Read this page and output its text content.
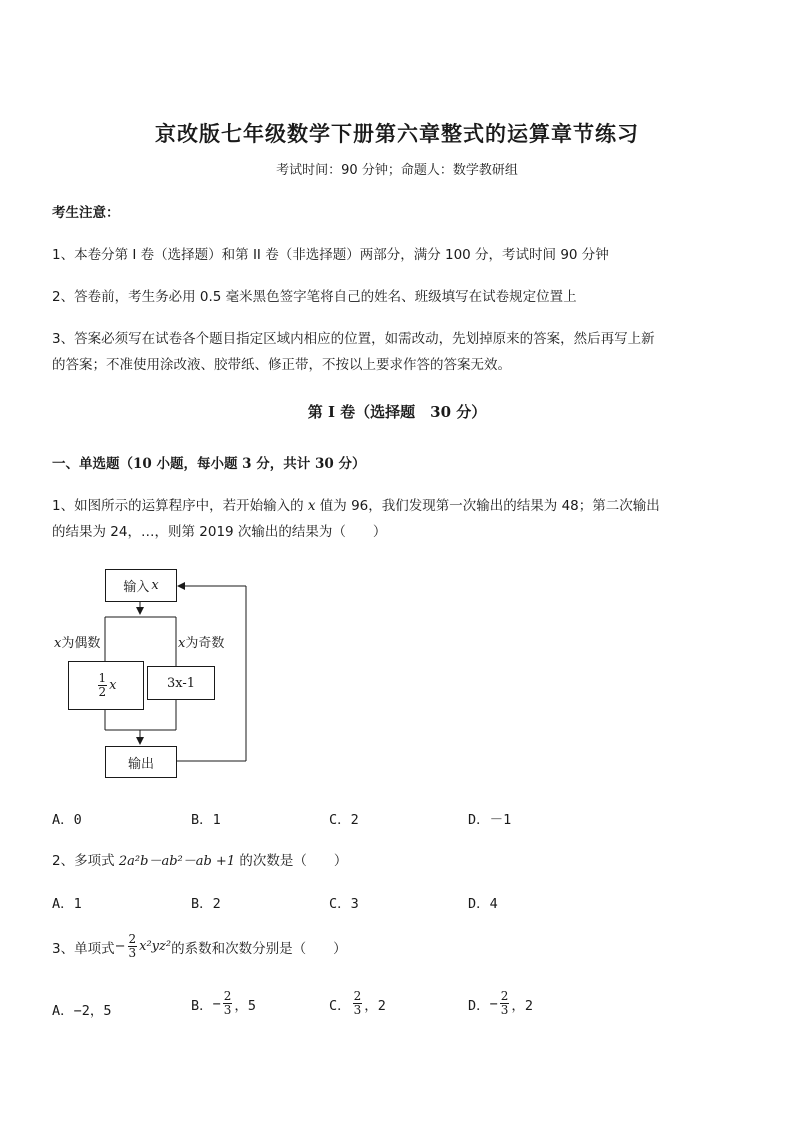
京改版七年级数学下册第六章整式的运算章节练习
考试时间：90 分钟；命题人：数学教研组
考生注意：
1、本卷分第 I 卷（选择题）和第 II 卷（非选择题）两部分，满分 100 分，考试时间 90 分钟
2、答卷前，考生务必用 0.5 毫米黑色签字笔将自己的姓名、班级填写在试卷规定位置上
3、答案必须写在试卷各个题目指定区域内相应的位置，如需改动，先划掉原来的答案，然后再写上新
的答案；不准使用涂改液、胶带纸、修正带，不按以上要求作答的答案无效。
第 I 卷（选择题　30 分）
一、单选题（10 小题，每小题 3 分，共计 30 分）
1、如图所示的运算程序中，若开始输入的 x 值为 96，我们发现第一次输出的结果为 48；第二次输出
的结果为 24，…，则第 2019 次输出的结果为（　　）
输入 x
x为偶数	x为奇数
$\frac{1}{2}$ x	3x-1
输出
A．0	B．1	C．2	D．－1
2、多项式 2a²b－ab²－ab +1 的次数是（　　）
A．1	B．2	C．3	D．4
3、单项式 − $\frac{2}{3} x^2yz^2$ 的系数和次数分别是（　　）
A．−2，5	B． − $\frac{2}{3}$ ，5	C． $\frac{2}{3}$ ，2	D． − $\frac{2}{3}$ ，2
